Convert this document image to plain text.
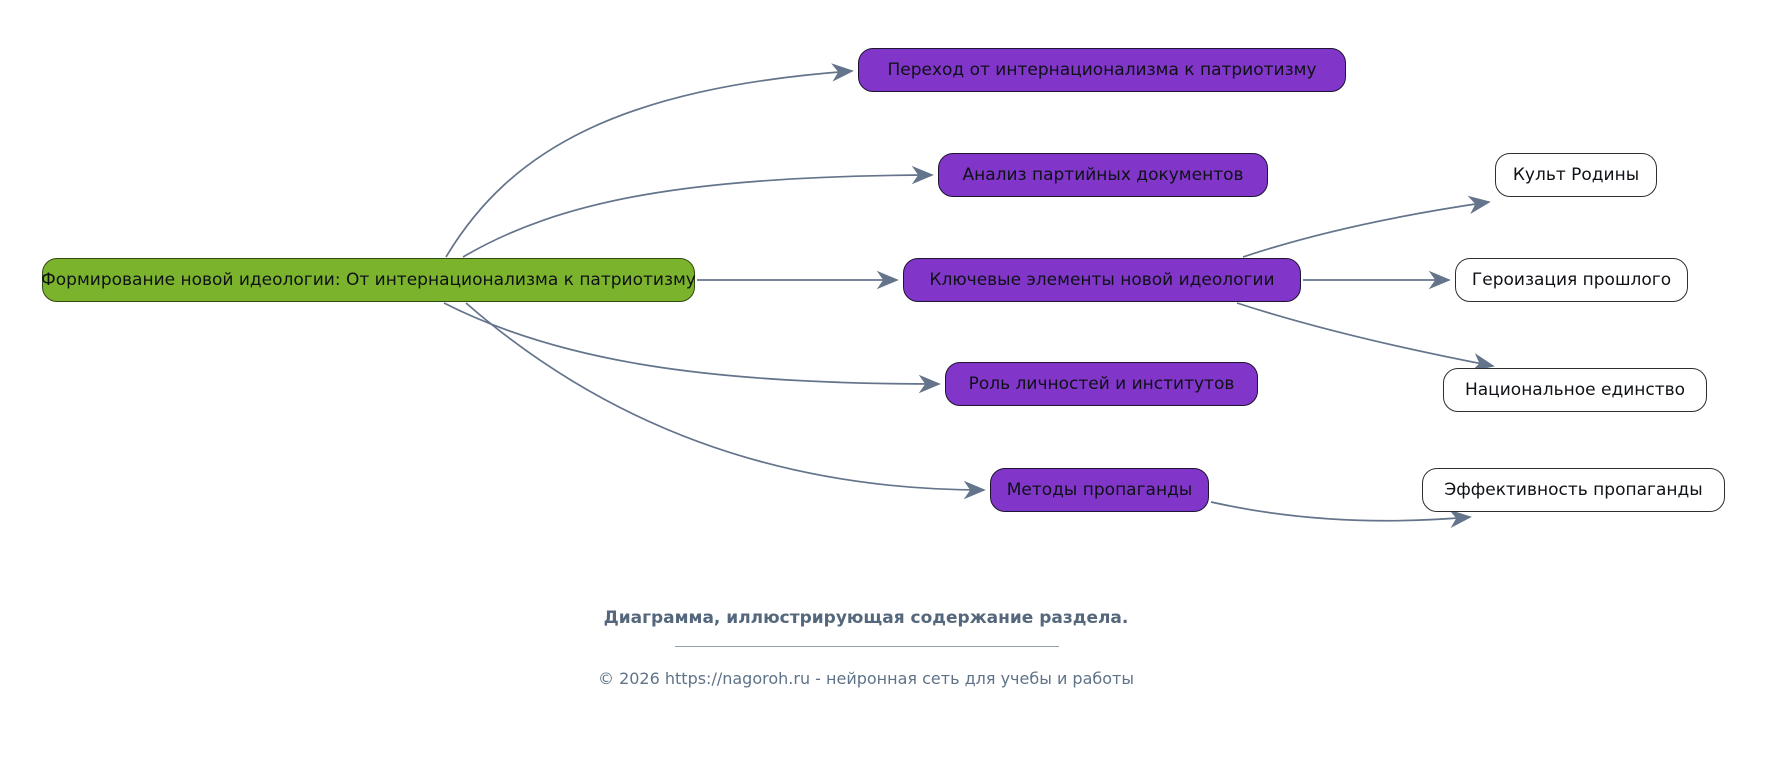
Формирование новой идеологии: От интернационализма к патриотизму
Переход от интернационализма к патриотизму
Анализ партийных документов
Ключевые элементы новой идеологии
Роль личностей и институтов
Методы пропаганды
Культ Родины
Героизация прошлого
Национальное единство
Эффективность пропаганды
Диаграмма, иллюстрирующая содержание раздела.
© 2026 https://nagoroh.ru - нейронная сеть для учебы и работы
